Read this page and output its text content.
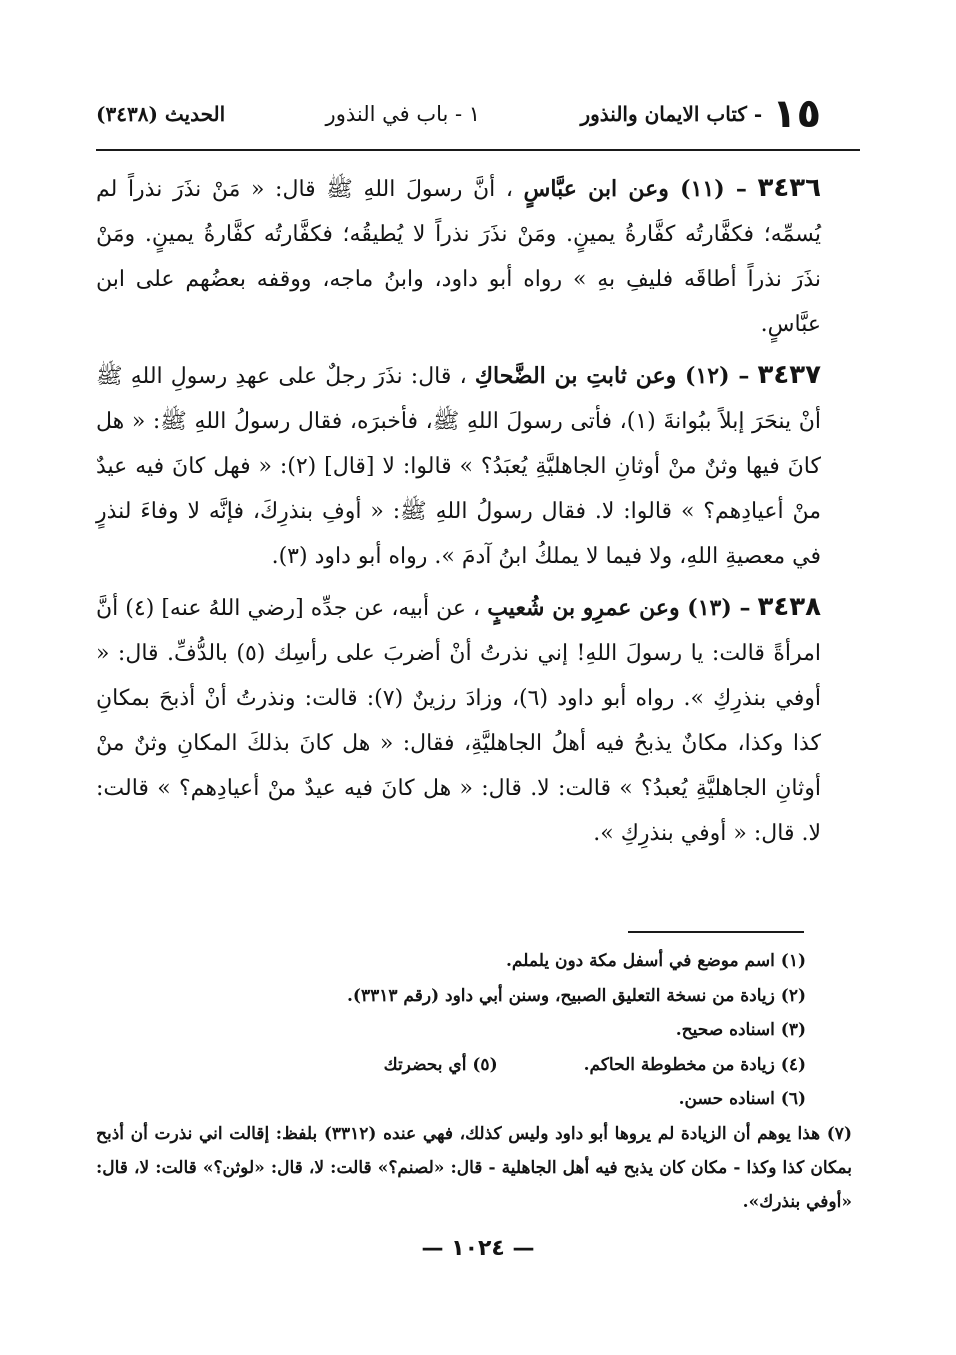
١٥
- كتاب الايمان والنذور
١ - باب في النذور
الحديث (٣٤٣٨)

٣٤٣٦ – (١١) وعن ابن عبَّاسٍ ، أنَّ رسولَ اللهِ ﷺ قال: « مَنْ نذَرَ نذراً لم يُسمِّه؛ فكفَّارتُه كفَّارةُ يمينٍ. ومَنْ نذَرَ نذراً لا يُطيقُه؛ فكفَّارتُه كفَّارةُ يمينٍ. ومَنْ نذَرَ نذراً أطاقَه فليفِ بهِ » رواه أبو داود، وابنُ ماجه، ووقفه بعضُهم على ابن عبَّاسٍ.

٣٤٣٧ – (١٢) وعن ثابتِ بن الضَّحاكِ ، قال: نذَرَ رجلٌ على عهدِ رسولِ اللهِ ﷺ أنْ ينحَرَ إبلاً ببُوانةَ (١)، فأتى رسولَ اللهِ ﷺ، فأخبرَه، فقال رسولُ اللهِ ﷺ: « هل كانَ فيها وثنٌ منْ أوثانِ الجاهليَّةِ يُعبَدُ؟ » قالوا: لا [قال] (٢): « فهل كانَ فيه عيدٌ منْ أعيادِهم؟ » قالوا: لا. فقال رسولُ اللهِ ﷺ: « أوفِ بنذرِكَ، فإنَّه لا وفاءَ لنذرٍ في معصيةِ اللهِ، ولا فيما لا يملكُ ابنُ آدمَ ». رواه أبو داود (٣).

٣٤٣٨ – (١٣) وعن عمرِو بن شُعيبٍ ، عن أبيه، عن جدِّه [رضي اللهُ عنه] (٤) أنَّ امرأةً قالت: يا رسولَ اللهِ! إني نذرتُ أنْ أضربَ على رأسِك (٥) بالدُّفِّ. قال: « أوفي بنذرِكِ ». رواه أبو داود (٦)، وزادَ رزينٌ (٧): قالت: ونذرتُ أنْ أذبحَ بمكانِ كذا وكذا، مكانٌ يذبحُ فيه أهلُ الجاهليَّةِ، فقال: « هل كانَ بذلكَ المكانِ وثنٌ منْ أوثانِ الجاهليَّةِ يُعبدُ؟ » قالت: لا. قال: « هل كانَ فيه عيدٌ منْ أعيادِهم؟ » قالت: لا. قال: « أوفي بنذرِكِ ».

(١) اسم موضع في أسفل مكة دون يلملم.

(٢) زيادة من نسخة التعليق الصبيح، وسنن أبي داود (رقم ٣٣١٣).

(٣) اسناده صحيح.

(٤) زيادة من مخطوطة الحاكم.
(٥) أي بحضرتك

(٦) اسناده حسن.

(٧) هذا يوهم أن الزيادة لم يروها أبو داود وليس كذلك، فهي عنده (٣٣١٢) بلفظ: إقالت اني نذرت أن أذبح بمكان كذا وكذا - مكان كان يذبح فيه أهل الجاهلية - قال: «لصنم؟» قالت: لا، قال: «لوثن؟» قالت: لا، قال: «أوفي بنذرك».

— ١٠٢٤ —
